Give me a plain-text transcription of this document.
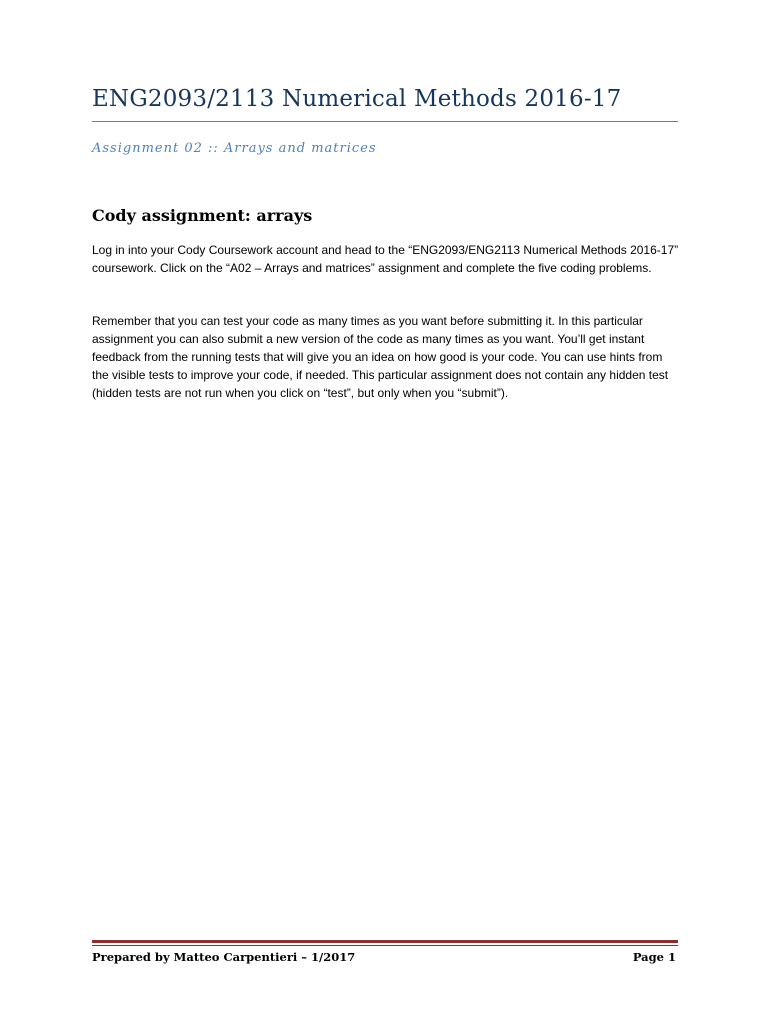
ENG2093/2113 Numerical Methods 2016-17
Assignment 02 :: Arrays and matrices
Cody assignment: arrays

Log in into your Cody Coursework account and head to the “ENG2093/ENG2113 Numerical Methods 2016-17” coursework. Click on the “A02 – Arrays and matrices” assignment and complete the five coding problems.

Remember that you can test your code as many times as you want before submitting it. In this particular assignment you can also submit a new version of the code as many times as you want. You’ll get instant feedback from the running tests that will give you an idea on how good is your code. You can use hints from the visible tests to improve your code, if needed. This particular assignment does not contain any hidden test (hidden tests are not run when you click on “test”, but only when you “submit”).

Prepared by Matteo Carpentieri – 1/2017	Page 1
